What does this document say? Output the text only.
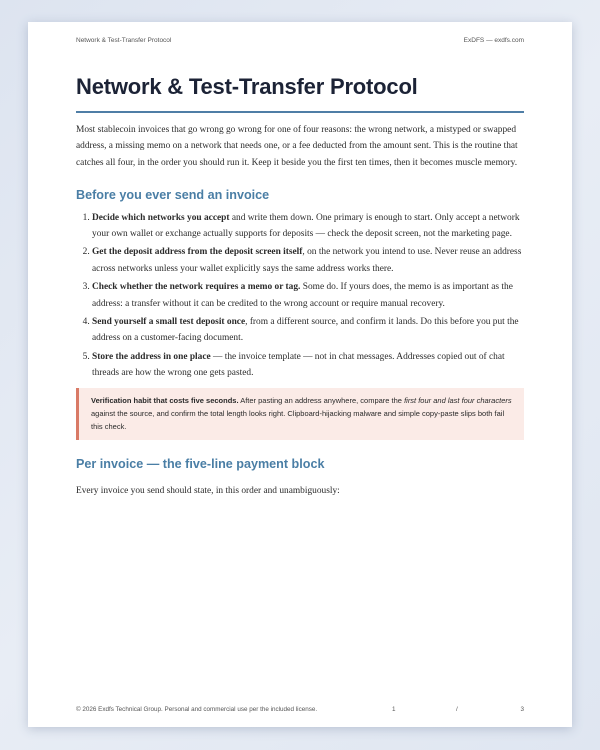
Network & Test-Transfer Protocol	ExDFS — exdfs.com
Network & Test-Transfer Protocol

Most stablecoin invoices that go wrong go wrong for one of four reasons: the wrong network, a mistyped or swapped address, a missing memo on a network that needs one, or a fee deducted from the amount sent. This is the routine that catches all four, in the order you should run it. Keep it beside you the first ten times, then it becomes muscle memory.

Before you ever send an invoice
1. Decide which networks you accept and write them down. One primary is enough to start. Only accept a network your own wallet or exchange actually supports for deposits — check the deposit screen, not the marketing page.
2. Get the deposit address from the deposit screen itself, on the network you intend to use. Never reuse an address across networks unless your wallet explicitly says the same address works there.
3. Check whether the network requires a memo or tag. Some do. If yours does, the memo is as important as the address: a transfer without it can be credited to the wrong account or require manual recovery.
4. Send yourself a small test deposit once, from a different source, and confirm it lands. Do this before you put the address on a customer-facing document.
5. Store the address in one place — the invoice template — not in chat messages. Addresses copied out of chat threads are how the wrong one gets pasted.
Verification habit that costs five seconds. After pasting an address anywhere, compare the first four and last four characters against the source, and confirm the total length looks right. Clipboard-hijacking malware and simple copy-paste slips both fail this check.
Per invoice — the five-line payment block

Every invoice you send should state, in this order and unambiguously:

© 2026 Exdfs Technical Group. Personal and commercial use per the included license.	1	/	3
